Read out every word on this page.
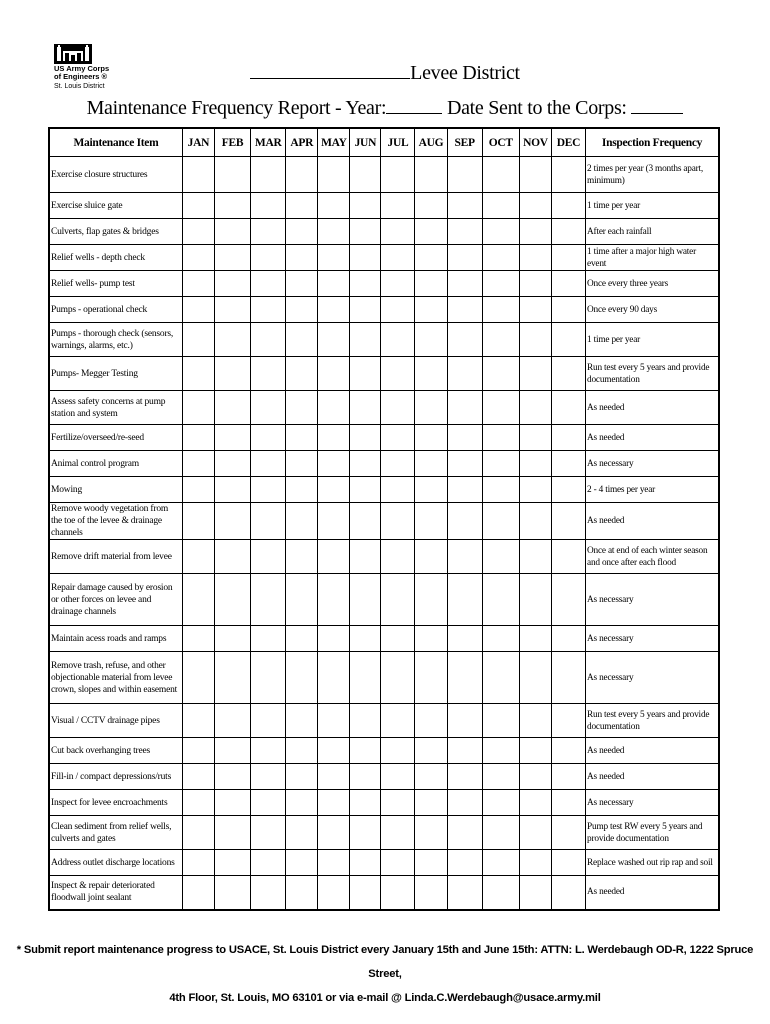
US Army Corps
of Engineers ®
St. Louis District
Levee District
Maintenance Frequency Report - Year:	Date Sent to the Corps:
Maintenance Item	JAN	FEB	MAR	APR	MAY	JUN	JUL	AUG	SEP	OCT	NOV	DEC	Inspection Frequency
Exercise closure structures													2 times per year (3 months apart, minimum)
Exercise sluice gate													1 time per year
Culverts, flap gates & bridges													After each rainfall
Relief wells - depth check													1 time after a major high water event
Relief wells- pump test													Once every three years
Pumps - operational check													Once every 90 days
Pumps - thorough check (sensors, warnings, alarms, etc.)													1 time per year
Pumps- Megger Testing													Run test every 5 years and provide documentation
Assess safety concerns at pump station and system													As needed
Fertilize/overseed/re-seed													As needed
Animal control program													As necessary
Mowing													2 - 4 times per year
Remove woody vegetation from the toe of the levee & drainage channels													As needed
Remove drift material from levee													Once at end of each winter season and once after each flood
Repair damage caused by erosion or other forces on levee and drainage channels													As necessary
Maintain acess roads and ramps													As necessary
Remove trash, refuse, and other objectionable material from levee crown, slopes and within easement													As necessary
Visual / CCTV drainage pipes													Run test every 5 years and provide documentation
Cut back overhanging trees													As needed
Fill-in / compact depressions/ruts													As needed
Inspect for levee encroachments													As necessary
Clean sediment from relief wells, culverts and gates													Pump test RW every 5 years and provide documentation
Address outlet discharge locations													Replace washed out rip rap and soil
Inspect & repair deteriorated floodwall joint sealant													As needed
* Submit report maintenance progress to USACE, St. Louis District every January 15th and June 15th: ATTN: L. Werdebaugh OD-R, 1222 Spruce Street,
4th Floor, St. Louis, MO 63101 or via e-mail @ Linda.C.Werdebaugh@usace.army.mil
